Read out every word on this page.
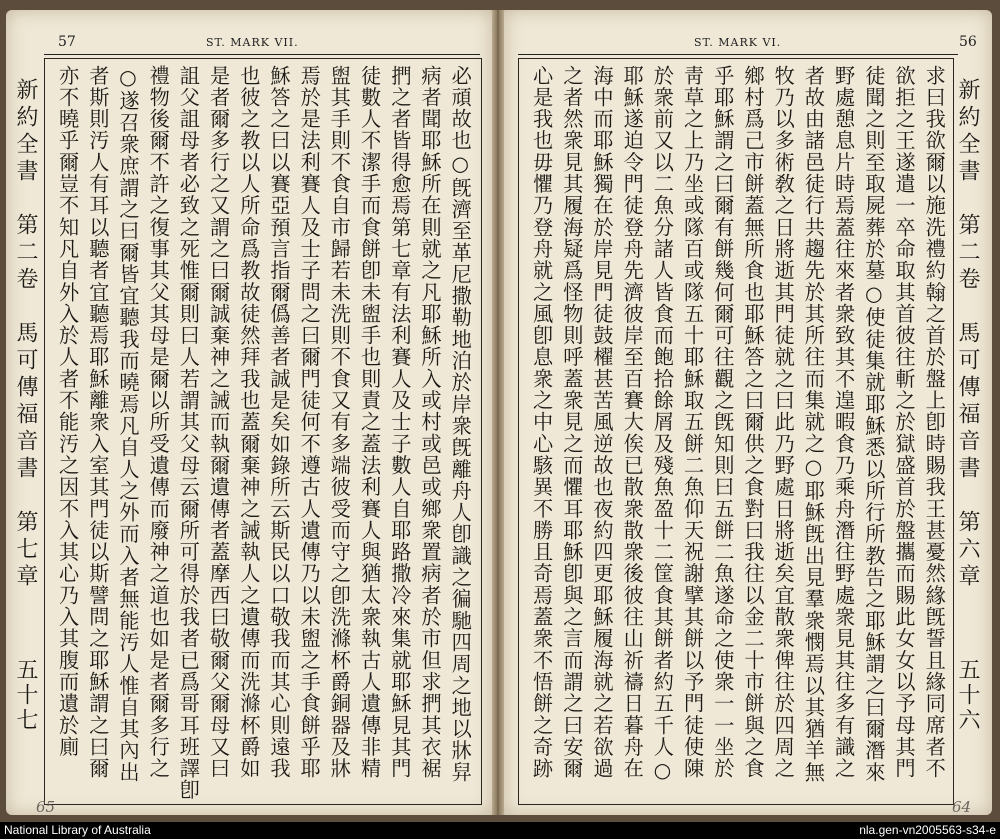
57	ST. MARK VII.
新約全書　第二卷　馬可傳福音書　第七章
五十七
65
必頑故也○旣濟至革尼撒勒地泊於岸衆旣離舟人卽識之徧馳四周之地以牀舁
病者聞耶穌所在則就之凡耶穌所入或村或邑或鄉衆置病者於市但求捫其衣裾
捫之者皆得愈焉第七章有法利賽人及士子數人自耶路撒冷來集就耶穌見其門
徒數人不潔手而食餅卽未盥手也則責之蓋法利賽人與猶太衆執古人遺傳非精
盥其手則不食自市歸若未洗則不食又有多端彼受而守之卽洗滌杯爵銅器及牀
焉於是法利賽人及士子問之曰爾門徒何不遵古人遺傳乃以未盥之手食餅乎耶
穌答之曰以賽亞預言指爾僞善者誠是矣如錄所云斯民以口敬我而其心則遠我
也彼之教以人所命爲教故徒然拜我也蓋爾棄神之誡執人之遺傳而洗滌杯爵如
是者爾多行之又謂之曰爾誠棄神之誡而執爾遺傳者蓋摩西曰敬爾父爾母又曰
詛父詛母者必致之死惟爾則曰人若謂其父母云爾所可得於我者已爲哥耳班譯卽
禮物後爾不許之復事其父其母是爾以所受遺傳而廢神之道也如是者爾多行之
○遂召衆庶謂之曰爾皆宜聽我而曉焉凡自人之外而入者無能汚人惟自其內出
者斯則汚人有耳以聽者宜聽焉耶穌離衆入室其門徒以斯譬問之耶穌謂之曰爾
亦不曉乎爾豈不知凡自外入於人者不能汚之因不入其心乃入其腹而遺於廁
ST. MARK VI.	56
新約全書　第二卷　馬可傳福音書　第六章
五十六
64
求曰我欲爾以施洗禮約翰之首於盤上卽時賜我王甚憂然緣旣誓且緣同席者不
欲拒之王遂遣一卒命取其首彼往斬之於獄盛首於盤攜而賜此女女以予母其門
徒聞之則至取屍葬於墓○使徒集就耶穌悉以所行所教告之耶穌謂之曰爾潛來
野處憩息片時焉蓋往來者衆致其不遑暇食乃乘舟潛往野處衆見其往多有識之
者故由諸邑徒行共趨先於其所往而集就之○耶穌旣出見羣衆憫焉以其猶羊無
牧乃以多術敎之日將逝其門徒就之曰此乃野處日將逝矣宜散衆俾往於四周之
鄉村爲己市餅蓋無所食也耶穌答之曰爾供之食對曰我往以金二十市餅與之食
乎耶穌謂之曰爾有餅幾何爾可往觀之旣知則曰五餅二魚遂命之使衆一一坐於
靑草之上乃坐或隊百或隊五十耶穌取五餅二魚仰天祝謝擘其餅以予門徒使陳
於衆前又以二魚分諸人皆食而飽拾餘屑及殘魚盈十二筐食其餅者約五千人○
耶穌遂迫令門徒登舟先濟彼岸至百賽大俟已散衆散衆後彼往山祈禱日暮舟在
海中而耶穌獨在於岸見門徒鼓櫂甚苦風逆故也夜約四更耶穌履海就之若欲過
之者然衆見其履海疑爲怪物則呼蓋衆見之而懼耳耶穌卽與之言而謂之曰安爾
心是我也毋懼乃登舟就之風卽息衆之中心駭異不勝且奇焉蓋衆不悟餅之奇跡
National Library of Australia	nla.gen-vn2005563-s34-e
